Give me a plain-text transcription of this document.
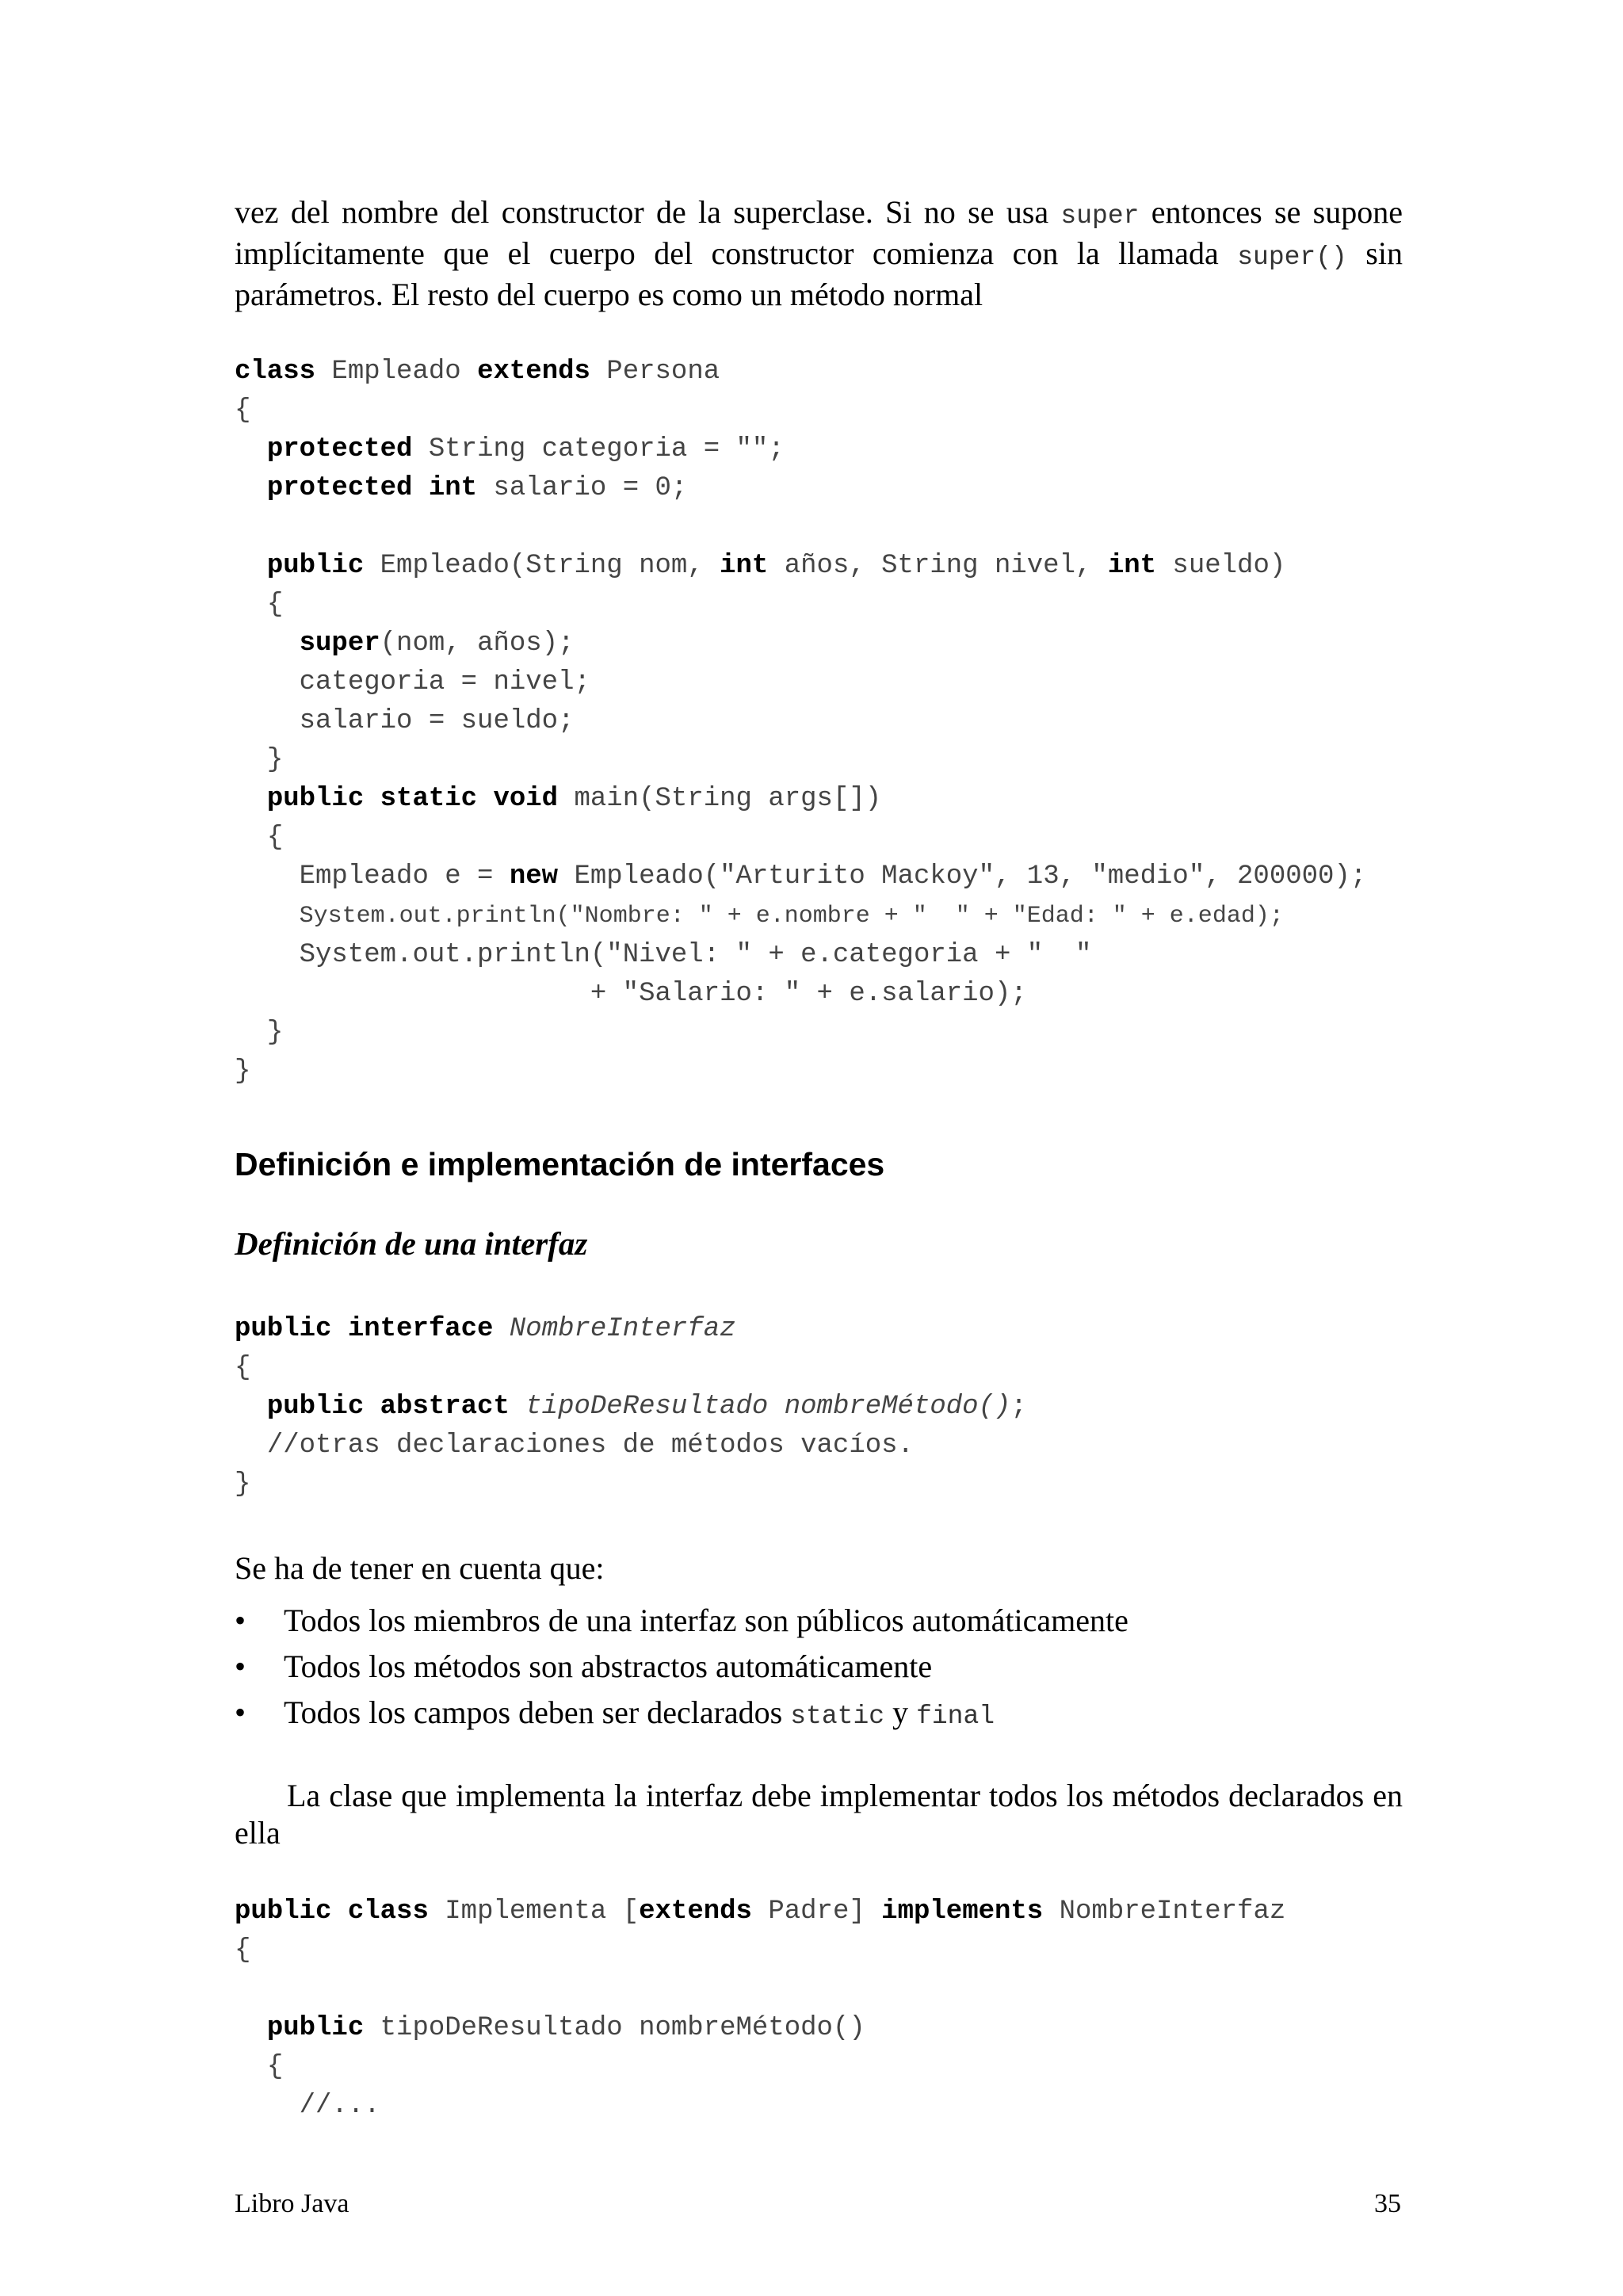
vez del nombre del constructor de la superclase. Si no se usa super entonces se supone implícitamente que el cuerpo del constructor comienza con la llamada super() sin parámetros. El resto del cuerpo es como un método normal
class Empleado extends Persona
{
protected String categoria = "";
protected int salario = 0;

public Empleado(String nom, int años, String nivel, int sueldo)
{
super(nom, años);
categoria = nivel;
salario = sueldo;
}
public static void main(String args[])
{
Empleado e = new Empleado("Arturito Mackoy", 13, "medio", 200000);
System.out.println("Nombre: " + e.nombre + "  " + "Edad: " + e.edad);
System.out.println("Nivel: " + e.categoria + "  "
+ "Salario: " + e.salario);
}
}
Definición e implementación de interfaces
Definición de una interfaz
public interface NombreInterfaz
{
public abstract tipoDeResultado nombreMétodo();
//otras declaraciones de métodos vacíos.
}
Se ha de tener en cuenta que:
• Todos los miembros de una interfaz son públicos automáticamente
• Todos los métodos son abstractos automáticamente
• Todos los campos deben ser declarados static y final
La clase que implementa la interfaz debe implementar todos los métodos declarados en ella
public class Implementa [extends Padre] implements NombreInterfaz
{

public tipoDeResultado nombreMétodo()
{
//...
Libro Java	35
